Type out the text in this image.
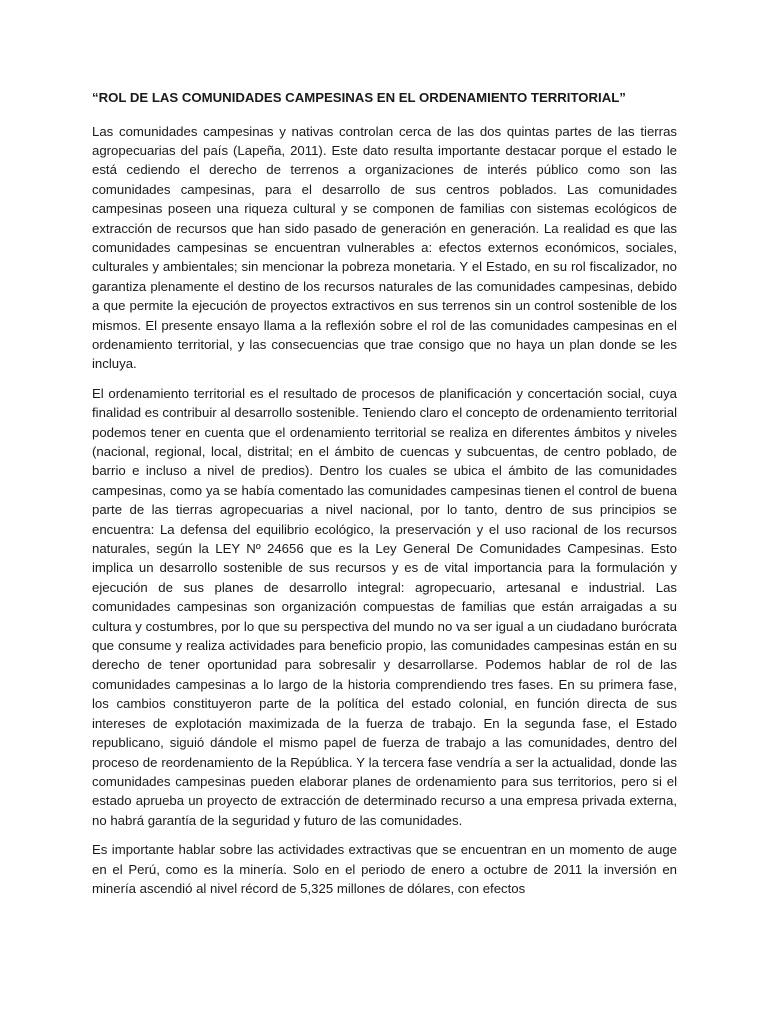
“ROL DE LAS COMUNIDADES CAMPESINAS EN EL ORDENAMIENTO TERRITORIAL”

Las comunidades campesinas y nativas controlan cerca de las dos quintas partes de las tierras agropecuarias del país (Lapeña, 2011). Este dato resulta importante destacar porque el estado le está cediendo el derecho de terrenos a organizaciones de interés público como son las comunidades campesinas, para el desarrollo de sus centros poblados. Las comunidades campesinas poseen una riqueza cultural y se componen de familias con sistemas ecológicos de extracción de recursos que han sido pasado de generación en generación. La realidad es que las comunidades campesinas se encuentran vulnerables a: efectos externos económicos, sociales, culturales y ambientales; sin mencionar la pobreza monetaria. Y el Estado, en su rol fiscalizador, no garantiza plenamente el destino de los recursos naturales de las comunidades campesinas, debido a que permite la ejecución de proyectos extractivos en sus terrenos sin un control sostenible de los mismos. El presente ensayo llama a la reflexión sobre el rol de las comunidades campesinas en el ordenamiento territorial, y las consecuencias que trae consigo que no haya un plan donde se les incluya.

El ordenamiento territorial es el resultado de procesos de planificación y concertación social, cuya finalidad es contribuir al desarrollo sostenible. Teniendo claro el concepto de ordenamiento territorial podemos tener en cuenta que el ordenamiento territorial se realiza en diferentes ámbitos y niveles (nacional, regional, local, distrital; en el ámbito de cuencas y subcuentas, de centro poblado, de barrio e incluso a nivel de predios). Dentro los cuales se ubica el ámbito de las comunidades campesinas, como ya se había comentado las comunidades campesinas tienen el control de buena parte de las tierras agropecuarias a nivel nacional, por lo tanto, dentro de sus principios se encuentra: La defensa del equilibrio ecológico, la preservación y el uso racional de los recursos naturales, según la LEY Nº 24656 que es la Ley General De Comunidades Campesinas. Esto implica un desarrollo sostenible de sus recursos y es de vital importancia para la formulación y ejecución de sus planes de desarrollo integral: agropecuario, artesanal e industrial. Las comunidades campesinas son organización compuestas de familias que están arraigadas a su cultura y costumbres, por lo que su perspectiva del mundo no va ser igual a un ciudadano burócrata que consume y realiza actividades para beneficio propio, las comunidades campesinas están en su derecho de tener oportunidad para sobresalir y desarrollarse. Podemos hablar de rol de las comunidades campesinas a lo largo de la historia comprendiendo tres fases. En su primera fase, los cambios constituyeron parte de la política del estado colonial, en función directa de sus intereses de explotación maximizada de la fuerza de trabajo. En la segunda fase, el Estado republicano, siguió dándole el mismo papel de fuerza de trabajo a las comunidades, dentro del proceso de reordenamiento de la República. Y la tercera fase vendría a ser la actualidad, donde las comunidades campesinas pueden elaborar planes de ordenamiento para sus territorios, pero si el estado aprueba un proyecto de extracción de determinado recurso a una empresa privada externa, no habrá garantía de la seguridad y futuro de las comunidades.

Es importante hablar sobre las actividades extractivas que se encuentran en un momento de auge en el Perú, como es la minería. Solo en el periodo de enero a octubre de 2011 la inversión en minería ascendió al nivel récord de 5,325 millones de dólares, con efectos
